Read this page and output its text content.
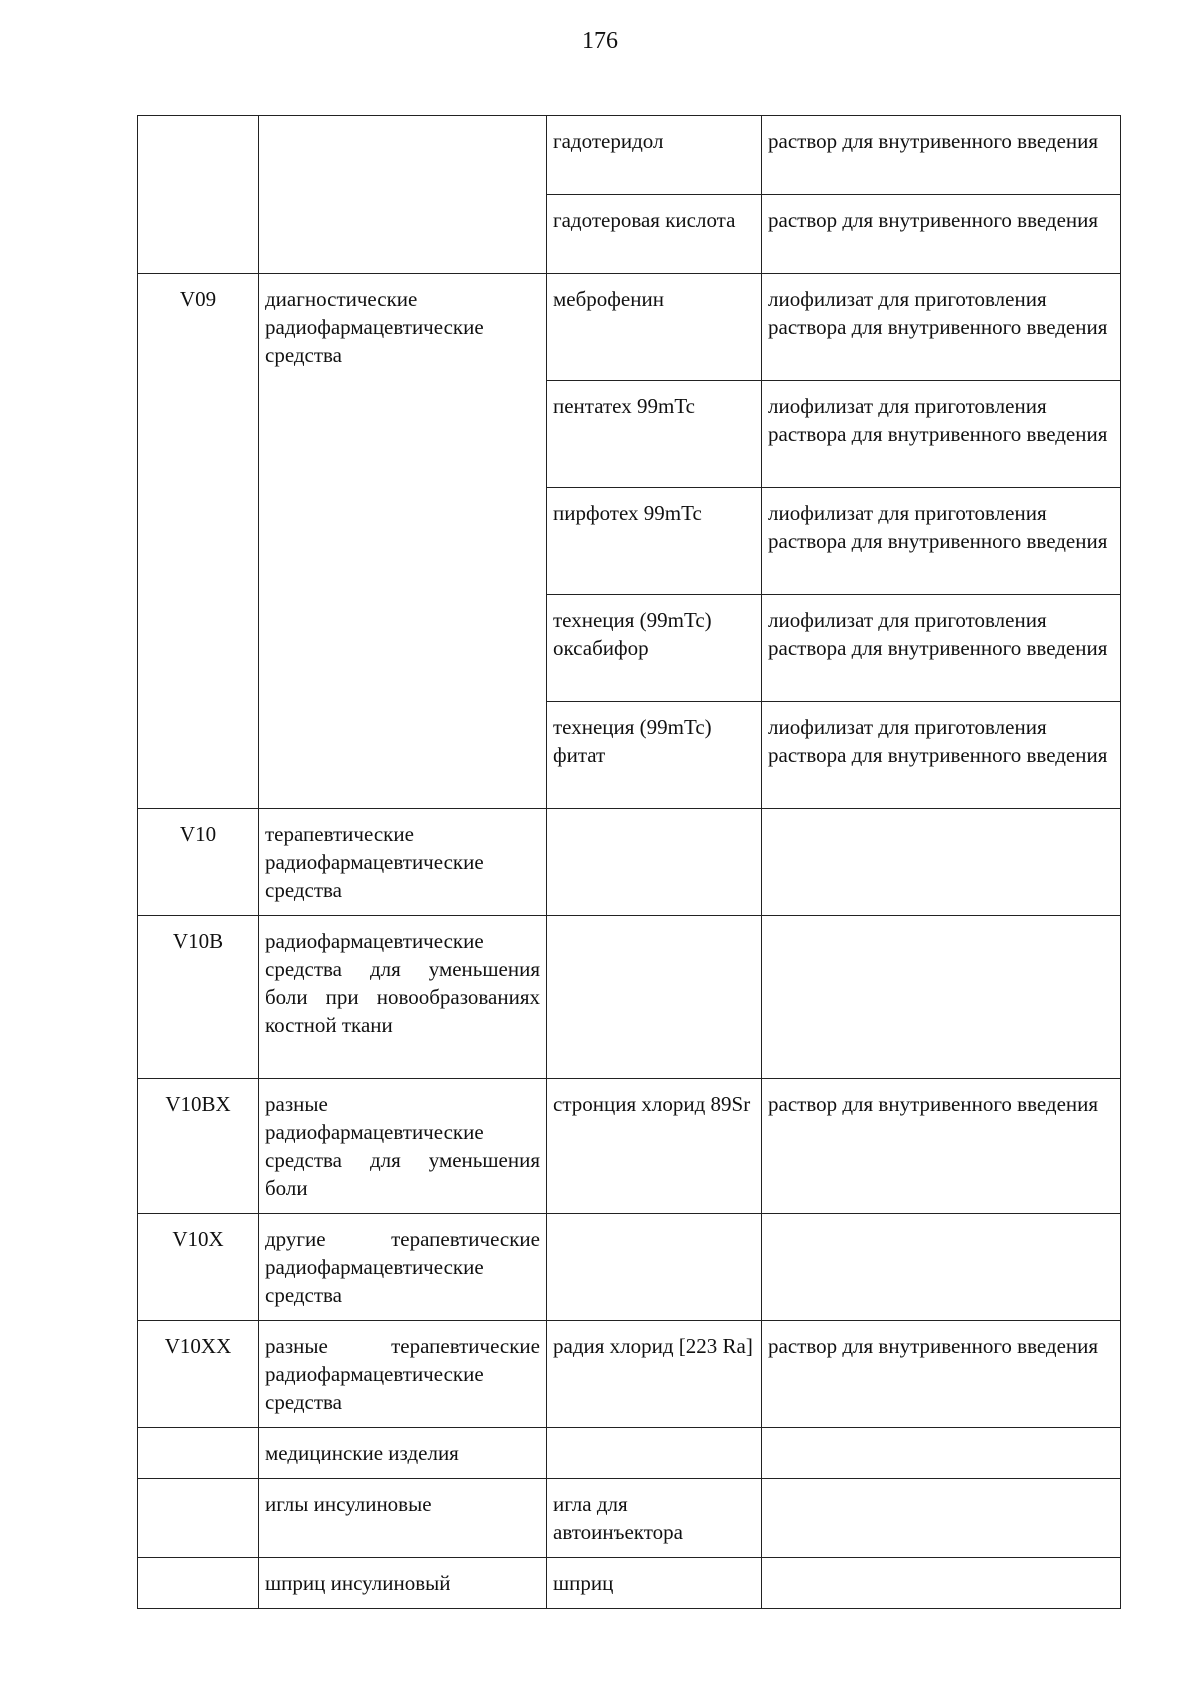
176
		гадотеридол	раствор для внутривенного введения
		гадотеровая кислота	раствор для внутривенного введения
V09	диагностические радиофармацевтические средства	меброфенин	лиофилизат для приготовления раствора для внутривенного введения
		пентатех 99mTc	лиофилизат для приготовления раствора для внутривенного введения
		пирфотех 99mTc	лиофилизат для приготовления раствора для внутривенного введения
		технеция (99mTc) оксабифор	лиофилизат для приготовления раствора для внутривенного введения
		технеция (99mTc) фитат	лиофилизат для приготовления раствора для внутривенного введения
V10	терапевтические радиофармацевтические средства		
V10B	радиофармацевтические средства для уменьшения боли при новообразованиях костной ткани		
V10BX	разные радиофармацевтические средства для уменьшения боли	стронция хлорид 89Sr	раствор для внутривенного введения
V10X	другие терапевтические радиофармацевтические средства		
V10XX	разные терапевтические радиофармацевтические средства	радия хлорид [223 Ra]	раствор для внутривенного введения
	медицинские изделия		
	иглы инсулиновые	игла для автоинъектора	
	шприц инсулиновый	шприц	
